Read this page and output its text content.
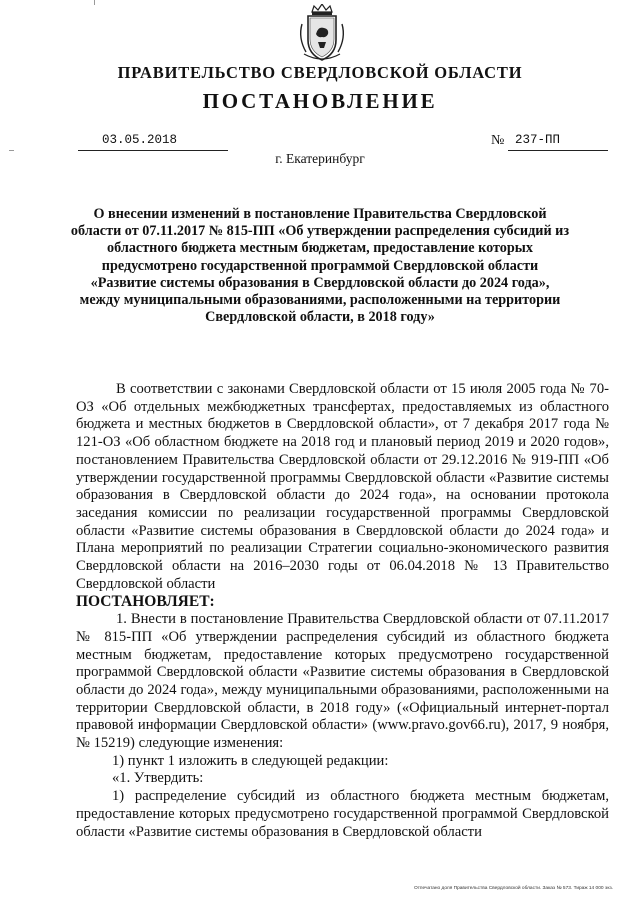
ПРАВИТЕЛЬСТВО СВЕРДЛОВСКОЙ ОБЛАСТИ
ПОСТАНОВЛЕНИЕ
03.05.2018	№ 237-ПП
г. Екатеринбург
О внесении изменений в постановление Правительства Свердловской области от 07.11.2017 № 815-ПП «Об утверждении распределения субсидий из областного бюджета местным бюджетам, предоставление которых предусмотрено государственной программой Свердловской области «Развитие системы образования в Свердловской области до 2024 года», между муниципальными образованиями, расположенными на территории Свердловской области, в 2018 году»

В соответствии с законами Свердловской области от 15 июля 2005 года № 70-ОЗ «Об отдельных межбюджетных трансфертах, предоставляемых из областного бюджета и местных бюджетов в Свердловской области», от 7 декабря 2017 года № 121-ОЗ «Об областном бюджете на 2018 год и плановый период 2019 и 2020 годов», постановлением Правительства Свердловской области от 29.12.2016 № 919-ПП «Об утверждении государственной программы Свердловской области «Развитие системы образования в Свердловской области до 2024 года», на основании протокола заседания комиссии по реализации государственной программы Свердловской области «Развитие системы образования в Свердловской области до 2024 года» и Плана мероприятий по реализации Стратегии социально-экономического развития Свердловской области на 2016–2030 годы от 06.04.2018 № 13 Правительство Свердловской области

ПОСТАНОВЛЯЕТ:

1. Внести в постановление Правительства Свердловской области от 07.11.2017 № 815-ПП «Об утверждении распределения субсидий из областного бюджета местным бюджетам, предоставление которых предусмотрено государственной программой Свердловской области «Развитие системы образования в Свердловской области до 2024 года», между муниципальными образованиями, расположенными на территории Свердловской области, в 2018 году» («Официальный интернет-портал правовой информации Свердловской области» (www.pravo.gov66.ru), 2017, 9 ноября, № 15219) следующие изменения:

1) пункт 1 изложить в следующей редакции:

«1. Утвердить:

1) распределение субсидий из областного бюджета местным бюджетам, предоставление которых предусмотрено государственной программой Свердловской области «Развитие системы образования в Свердловской области

Отпечатано доля Правительства Свердловской области. Заказ № 573. Тираж 14 000 экз.
